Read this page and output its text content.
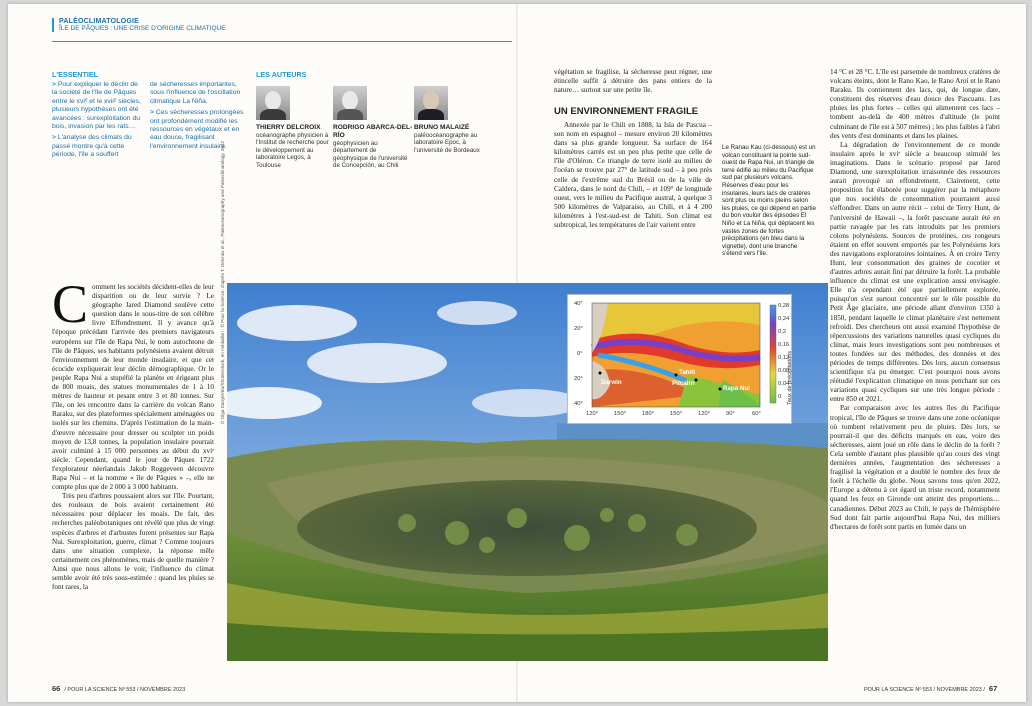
PALÉOCLIMATOLOGIE
ÎLE DE PÂQUES : UNE CRISE D'ORIGINE CLIMATIQUE
L'ESSENTIEL

> Pour expliquer le déclin de la société de l'île de Pâques entre le xviᵉ et le xviiᵉ siècles, plusieurs hypothèses ont été avancées : surexploitation du bois, invasion par les rats…

> L'analyse des climats du passé montre qu'à cette période, l'île a souffert

de sécheresses importantes, sous l'influence de l'oscillation climatique La Niña.

> Ces sécheresses prolongées ont profondément modifié les ressources en végétaux et en eau douce, fragilisant l'environnement insulaire.

LES AUTEURS
THIERRY DELCROIX
océanographe physicien à l'Institut de recherche pour le développement au laboratoire Legos, à Toulouse
RODRIGO ABARCA-DEL-RÍO
géophysicien au département de géophysique de l'université de Concepción, au Chili
BRUNO MALAIZÉ
paléoocéanographe au laboratoire Epoc, à l'université de Bordeaux

végétation se fragilise, la sécheresse peut régner, une étincelle suffit à détruire des pans entiers de la nature… surtout sur une petite île.

UN ENVIRONNEMENT FRAGILE

Annexée par le Chili en 1888, la Isla de Pascua – son nom en espagnol – mesure environ 20 kilomètres dans sa plus grande longueur. Sa surface de 164 kilomètres carrés est un peu plus petite que celle de l'île d'Oléron. Ce triangle de terre isolé au milieu de l'océan se trouve par 27° de latitude sud – à peu près celle de l'extrême sud du Brésil ou de la ville de Caldera, dans le nord du Chili, – et 109° de longitude ouest, vers le milieu du Pacifique austral, à quelque 3 500 kilomètres de Valparaiso, au Chili, et à 4 200 kilomètres à l'est-sud-est de Tahiti. Son climat est subtropical, les températures de l'air varient entre

Le Ranau Kau (ci-dessous) est un volcan constituant la pointe sud-ouest de Rapa Nui, un triangle de terre édifié au milieu du Pacifique sud par plusieurs volcans. Réserves d'eau pour les insulaires, leurs lacs de cratères sont plus ou moins pleins selon les pluies, ce qui dépend en partie du bon vouloir des épisodes El Niño et La Niña, qui déplacent les vastes zones de fortes précipitations (en bleu dans la vignette), dont une branche s'étend vers l'île.

14 °C et 28 °C. L'île est parsemée de nombreux cratères de volcans éteints, dont le Rano Kao, le Rano Aroi et le Rano Raraku. Ils contiennent des lacs, qui, de longue date, constituent des réserves d'eau douce des Pascuans. Les pluies les plus fortes – celles qui alimentent ces lacs – tombent au-delà de 400 mètres d'altitude (le point culminant de l'île est à 507 mètres) ; les plus faibles à l'abri des vents d'est dominants et dans les plaines.

La dégradation de l'environnement de ce monde insulaire après le xviᵉ siècle a beaucoup stimulé les imaginations. Dans le scénario proposé par Jared Diamond, une surexploitation irraisonnée des ressources aurait provoqué un effondrement. Clairement, cette proposition fut élaborée pour suggérer par la métaphore que nos sociétés de consommation pourraient aussi s'effondrer. Dans un autre récit – celui de Terry Hunt, de l'université de Hawaii –, la forêt pascuane aurait été en partie ravagée par les rats introduits par les premiers colons polynésiens. Sources de protéines, ces rongeurs étaient en effet souvent emportés par les Polynésiens lors des navigations exploratoires lointaines. À en croire Terry Hunt, leur consommation des graines de cocotier et d'autres arbres aurait fini par détruire la forêt. La probable influence du climat est une explication aussi envisagée. Elle n'a cependant été que partiellement explorée, puisqu'on s'est surtout concentré sur le rôle possible du Petit Âge glaciaire, une période allant d'environ 1350 à 1850, pendant laquelle le climat planétaire s'est nettement refroidi. Des chercheurs ont aussi examiné l'hypothèse de répercussions des variations naturelles quasi cycliques du climat, mais leurs investigations sont peu nombreuses et toutes fondées sur des méthodes, des données et des périodes de temps différentes. Dès lors, aucun consensus scientifique n'a pu émerger. C'est pourquoi nous avons réétudié l'explication climatique en nous penchant sur ces variations quasi cycliques sur une très longue période : entre 850 et 2021.

Par comparaison avec les autres îles du Pacifique tropical, l'île de Pâques se trouve dans une zone océanique où tombent relativement peu de pluies. Dès lors, se pourrait-il que des déficits marqués en eau, voire des sécheresses, aient joué un rôle dans le déclin de la forêt ? Cela semble d'autant plus plausible qu'au cours des vingt dernières années, l'augmentation des sécheresses a fragilisé la végétation et a doublé le nombre des feux de forêt à l'échelle du globe. Nous savons tous qu'en 2022, l'Europe a détenu à cet égard un triste record, notamment quand les feux en Gironde ont atteint des proportions… canadiennes. Début 2023 au Chili, le pays de l'hémisphère Sud dont fait partie aujourd'hui Rapa Nui, des milliers d'hectares de forêt sont partis en fumée dans un

Comment les sociétés décident-elles de leur disparition ou de leur survie ? Le géographe Jared Diamond soulève cette question dans le sous-titre de son célèbre livre Effondrement. Il y avance qu'à l'époque précédant l'arrivée des premiers navigateurs européens sur l'île de Rapa Nui, le nom autochtone de l'île de Pâques, ses habitants polynésiens avaient détruit l'environnement de leur monde insulaire, et que cet écocide expliquerait leur déclin démographique. Or le peuple Rapa Nui a stupéfié la planète en érigeant plus de 800 moais, des statues monumentales de 1 à 10 mètres de hauteur et pesant entre 3 et 80 tonnes. Sur l'île, on les rencontre dans la carrière du volcan Rano Raraku, sur des plateformes spécialement aménagées ou isolés sur les chemins. D'après l'estimation de la main-d'œuvre nécessaire pour dresser ou sculpter un poids moyen de 13,8 tonnes, la population insulaire pourrait avoir culminé à 15 000 personnes au début du xviᵉ siècle. Cependant, quand le jour de Pâques 1722 l'explorateur néerlandais Jakob Roggeveen découvre Rapa Nui – et la nomme « île de Pâques » –, elle ne compte plus que de 2 000 à 3 000 habitants.

Très peu d'arbres poussaient alors sur l'île. Pourtant, des rouleaux de bois avaient certainement été nécessaires pour déplacer les moais. De fait, des recherches paléobotaniques ont révélé que plus de vingt espèces d'arbres et d'arbustes furent présentes sur Rapa Nui. Surexploitation, guerre, climat ? Comme toujours dans une situation complexe, la réponse mêle certainement ces phénomènes, mais de quelle manière ? Ainsi que nous allons le voir, l'influence du climat semble avoir été très sous-estimée : quand les pluies se font rares, la

© Olga Danylenko/Shutterstock, en médaillon : © Pour la Science, d'après T. Delcroix et al., Paleoceanography and Paleoclimatology, 2022	Darwin
Tahiti
Pitcairn
Rapa Nui
40°
20°
0°
20°
40°
120°	150°	180°	150°	120°	90°	60°
0,28
0,24
0,2
0,16
0,12
0,08
0,04
0 Taux de précipitations
66 / POUR LA SCIENCE Nº 553 / NOVEMBRE 2023	POUR LA SCIENCE Nº 553 / NOVEMBRE 2023 / 67
